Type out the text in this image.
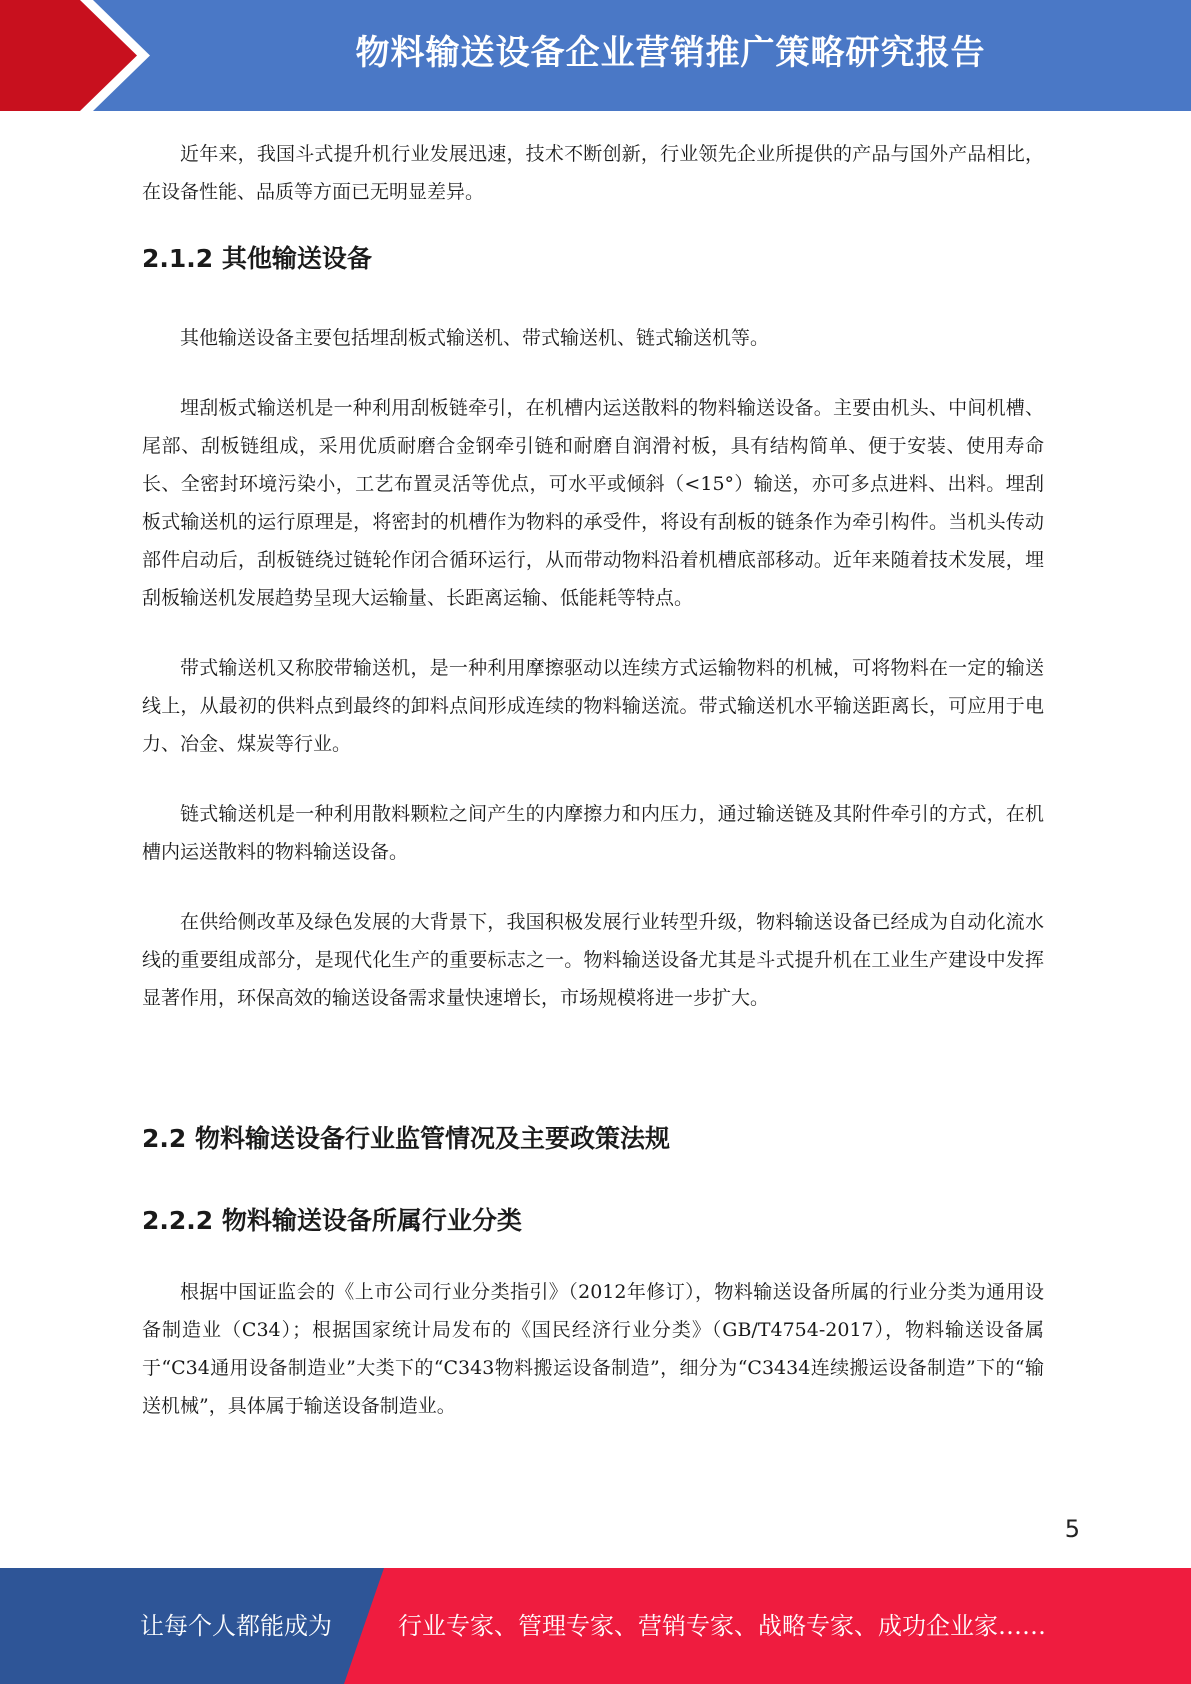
物料输送设备企业营销推广策略研究报告

近年来，我国斗式提升机行业发展迅速，技术不断创新，行业领先企业所提供的产品与国外产品相比，在设备性能、品质等方面已无明显差异。

2.1.2 其他输送设备

其他输送设备主要包括埋刮板式输送机、带式输送机、链式输送机等。

埋刮板式输送机是一种利用刮板链牵引，在机槽内运送散料的物料输送设备。主要由机头、中间机槽、尾部、刮板链组成，采用优质耐磨合金钢牵引链和耐磨自润滑衬板，具有结构简单、便于安装、使用寿命长、全密封环境污染小，工艺布置灵活等优点，可水平或倾斜（<15°）输送，亦可多点进料、出料。埋刮板式输送机的运行原理是，将密封的机槽作为物料的承受件，将设有刮板的链条作为牵引构件。当机头传动部件启动后，刮板链绕过链轮作闭合循环运行，从而带动物料沿着机槽底部移动。近年来随着技术发展，埋刮板输送机发展趋势呈现大运输量、长距离运输、低能耗等特点。

带式输送机又称胶带输送机，是一种利用摩擦驱动以连续方式运输物料的机械，可将物料在一定的输送线上，从最初的供料点到最终的卸料点间形成连续的物料输送流。带式输送机水平输送距离长，可应用于电力、冶金、煤炭等行业。

链式输送机是一种利用散料颗粒之间产生的内摩擦力和内压力，通过输送链及其附件牵引的方式，在机槽内运送散料的物料输送设备。

在供给侧改革及绿色发展的大背景下，我国积极发展行业转型升级，物料输送设备已经成为自动化流水线的重要组成部分，是现代化生产的重要标志之一。物料输送设备尤其是斗式提升机在工业生产建设中发挥显著作用，环保高效的输送设备需求量快速增长，市场规模将进一步扩大。

2.2 物料输送设备行业监管情况及主要政策法规
2.2.2 物料输送设备所属行业分类

根据中国证监会的《上市公司行业分类指引》（2012年修订），物料输送设备所属的行业分类为通用设备制造业（C34）；根据国家统计局发布的《国民经济行业分类》（GB/T4754-2017），物料输送设备属于“C34通用设备制造业”大类下的“C343物料搬运设备制造”，细分为“C3434连续搬运设备制造”下的“输送机械”，具体属于输送设备制造业。

5
让每个人都能成为	行业专家、管理专家、营销专家、战略专家、成功企业家……
